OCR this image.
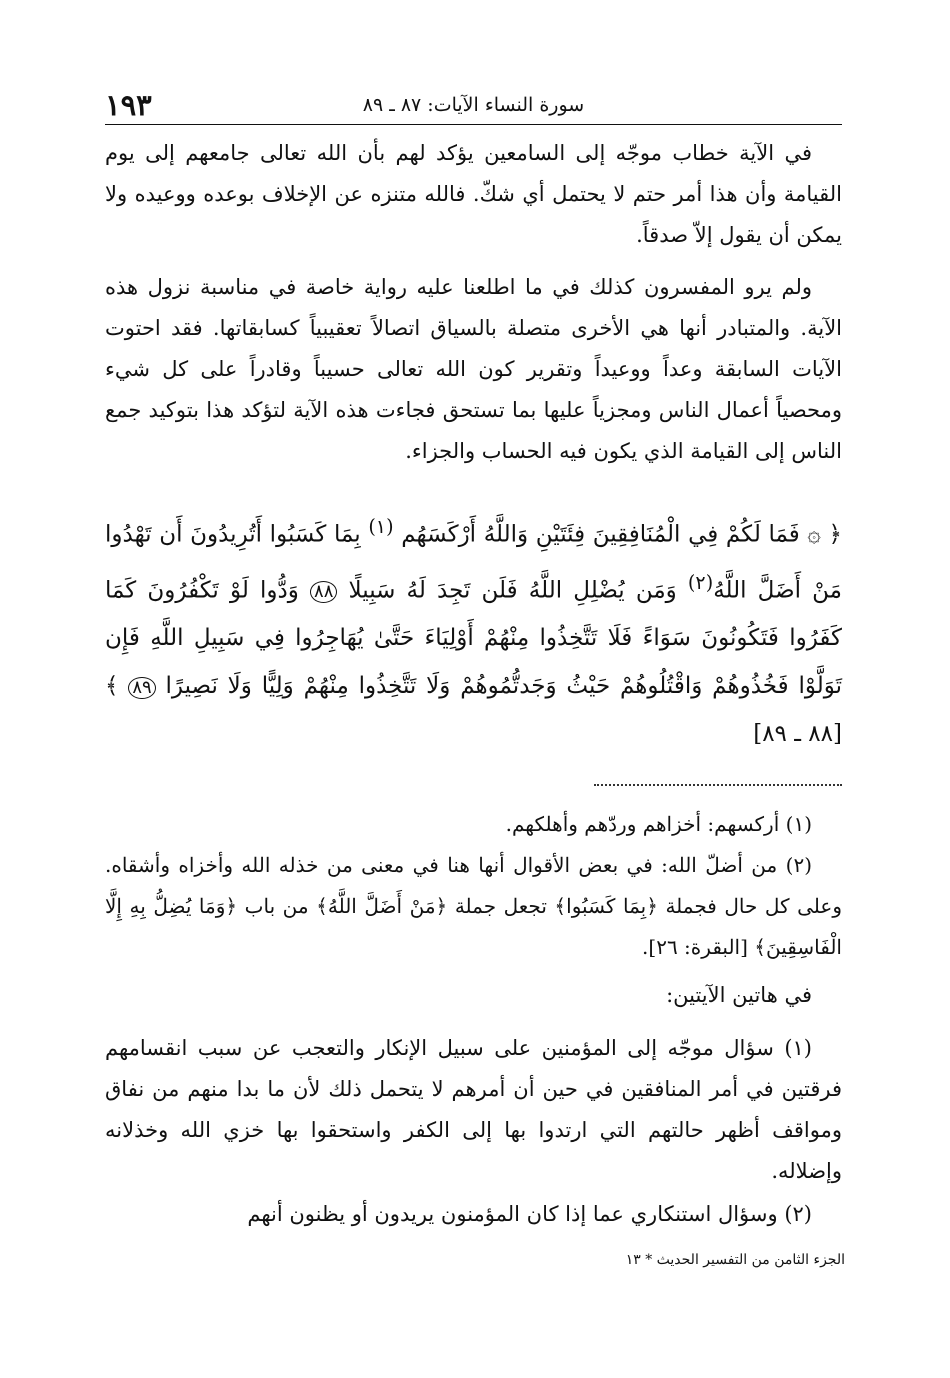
١٩٣	سورة النساء الآيات: ٨٧ ـ ٨٩

في الآية خطاب موجّه إلى السامعين يؤكد لهم بأن الله تعالى جامعهم إلى يوم القيامة وأن هذا أمر حتم لا يحتمل أي شكّ. فالله متنزه عن الإخلاف بوعده ووعيده ولا يمكن أن يقول إلاّ صدقاً.

ولم يرو المفسرون كذلك في ما اطلعنا عليه رواية خاصة في مناسبة نزول هذه الآية. والمتبادر أنها هي الأخرى متصلة بالسياق اتصالاً تعقيبياً كسابقاتها. فقد احتوت الآيات السابقة وعداً ووعيداً وتقرير كون الله تعالى حسيباً وقادراً على كل شيء ومحصياً أعمال الناس ومجزياً عليها بما تستحق فجاءت هذه الآية لتؤكد هذا بتوكيد جمع الناس إلى القيامة الذي يكون فيه الحساب والجزاء.

﴿ ۞ فَمَا لَكُمْ فِي الْمُنَافِقِينَ فِئَتَيْنِ وَاللَّهُ أَرْكَسَهُم $^{(١)}$ بِمَا كَسَبُوا أَتُرِيدُونَ أَن تَهْدُوا مَنْ أَضَلَّ اللَّهُ$^{(٢)}$ وَمَن يُضْلِلِ اللَّهُ فَلَن تَجِدَ لَهُ سَبِيلًا ٨٨ وَدُّوا لَوْ تَكْفُرُونَ كَمَا كَفَرُوا فَتَكُونُونَ سَوَاءً فَلَا تَتَّخِذُوا مِنْهُمْ أَوْلِيَاءَ حَتَّىٰ يُهَاجِرُوا فِي سَبِيلِ اللَّهِ فَإِن تَوَلَّوْا فَخُذُوهُمْ وَاقْتُلُوهُمْ حَيْثُ وَجَدتُّمُوهُمْ وَلَا تَتَّخِذُوا مِنْهُمْ وَلِيًّا وَلَا نَصِيرًا ٨٩ ﴾ [٨٨ ـ ٨٩]

(١) أركسهم: أخزاهم وردّهم وأهلكهم.

(٢) من أضلّ الله: في بعض الأقوال أنها هنا في معنى من خذله الله وأخزاه وأشقاه. وعلى كل حال فجملة ﴿بِمَا كَسَبُوا﴾ تجعل جملة ﴿مَنْ أَضَلَّ اللَّهُ﴾ من باب ﴿وَمَا يُضِلُّ بِهِ إِلَّا الْفَاسِقِينَ﴾ [البقرة: ٢٦].

في هاتين الآيتين:

(١) سؤال موجّه إلى المؤمنين على سبيل الإنكار والتعجب عن سبب انقسامهم فرقتين في أمر المنافقين في حين أن أمرهم لا يتحمل ذلك لأن ما بدا منهم من نفاق ومواقف أظهر حالتهم التي ارتدوا بها إلى الكفر واستحقوا بها خزي الله وخذلانه وإضلاله.

(٢) وسؤال استنكاري عما إذا كان المؤمنون يريدون أو يظنون أنهم

الجزء الثامن من التفسير الحديث * ١٣
